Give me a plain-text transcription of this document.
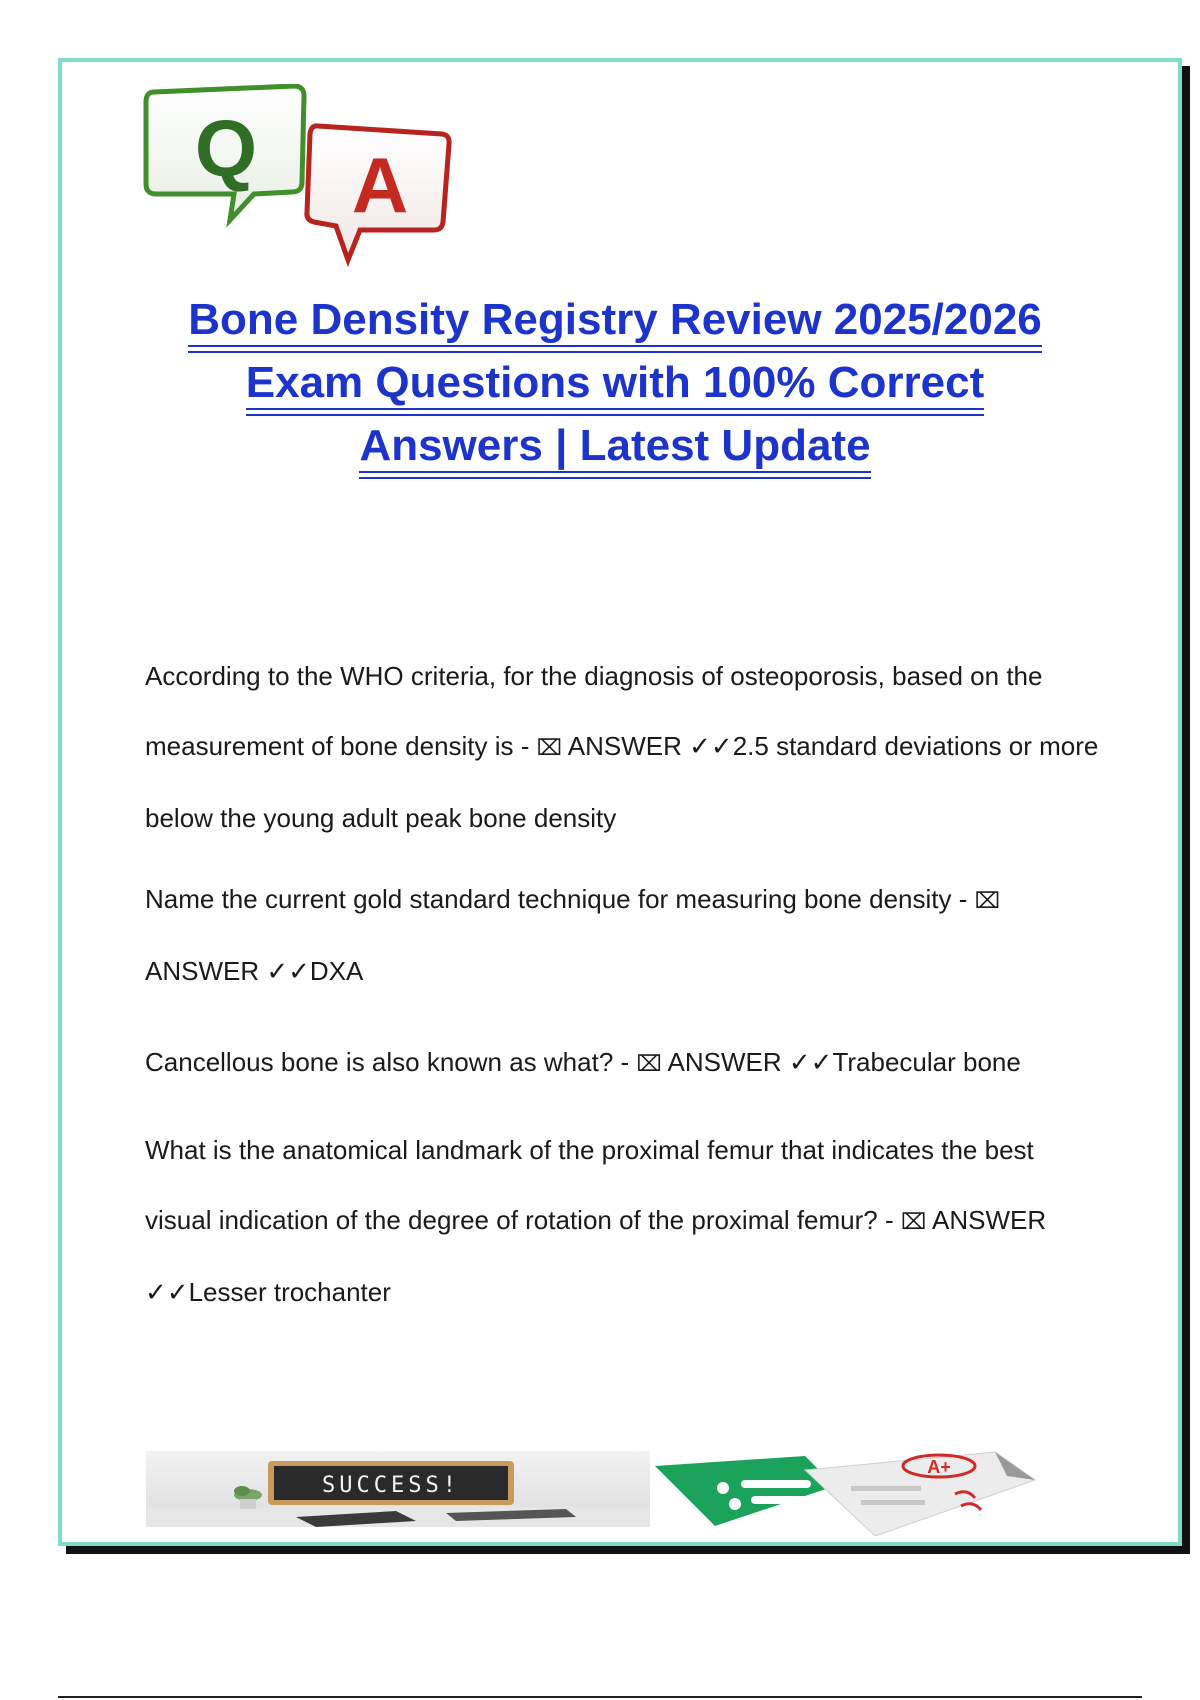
A
Q
Bone Density Registry Review 2025/2026
Exam Questions with 100% Correct
Answers | Latest Update

According to the WHO criteria, for the diagnosis of osteoporosis, based on the measurement of bone density is - ⌧ ANSWER ✓✓2.5 standard deviations or more below the young adult peak bone density

Name the current gold standard technique for measuring bone density - ⌧ ANSWER ✓✓DXA

Cancellous bone is also known as what? - ⌧ ANSWER ✓✓Trabecular bone

What is the anatomical landmark of the proximal femur that indicates the best visual indication of the degree of rotation of the proximal femur? - ⌧ ANSWER ✓✓Lesser trochanter

SUCCESS!
A+
